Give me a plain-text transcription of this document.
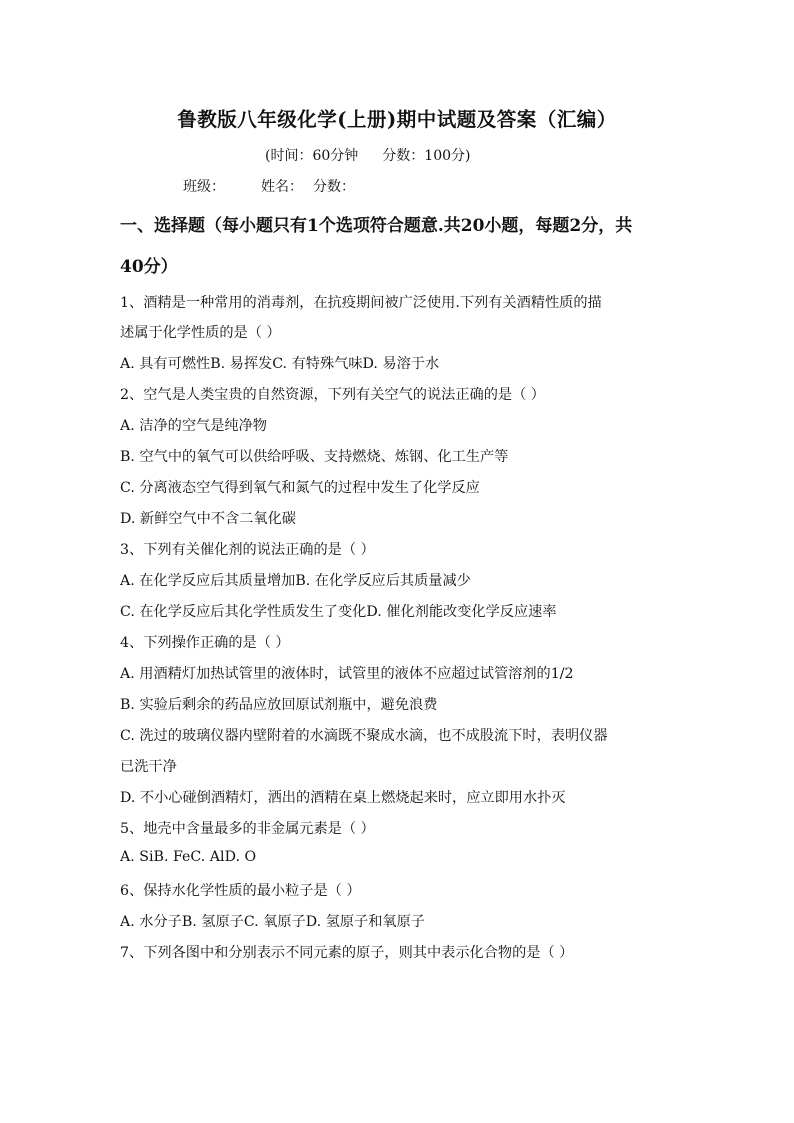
鲁教版八年级化学(上册)期中试题及答案（汇编）
(时间：60分钟 分数：100分)
班级：	姓名： 分数：
一、选择题（每小题只有1个选项符合题意.共20小题，每题2分，共
40分）
1、酒精是一种常用的消毒剂，在抗疫期间被广泛使用.下列有关酒精性质的描
述属于化学性质的是（ ）
A. 具有可燃性B. 易挥发C. 有特殊气味D. 易溶于水
2、空气是人类宝贵的自然资源，下列有关空气的说法正确的是（ ）
A. 洁净的空气是纯净物
B. 空气中的氧气可以供给呼吸、支持燃烧、炼钢、化工生产等
C. 分离液态空气得到氧气和氮气的过程中发生了化学反应
D. 新鲜空气中不含二氧化碳
3、下列有关催化剂的说法正确的是（ ）
A. 在化学反应后其质量增加B. 在化学反应后其质量减少
C. 在化学反应后其化学性质发生了变化D. 催化剂能改变化学反应速率
4、下列操作正确的是（ ）
A. 用酒精灯加热试管里的液体时，试管里的液体不应超过试管溶剂的1/2
B. 实验后剩余的药品应放回原试剂瓶中，避免浪费
C. 洗过的玻璃仪器内壁附着的水滴既不聚成水滴，也不成股流下时，表明仪器
已洗干净
D. 不小心碰倒酒精灯，洒出的酒精在桌上燃烧起来时，应立即用水扑灭
5、地壳中含量最多的非金属元素是（ ）
A. SiB. FeC. AlD. O
6、保持水化学性质的最小粒子是（ ）
A. 水分子B. 氢原子C. 氧原子D. 氢原子和氧原子
7、下列各图中和分别表示不同元素的原子，则其中表示化合物的是（ ）
